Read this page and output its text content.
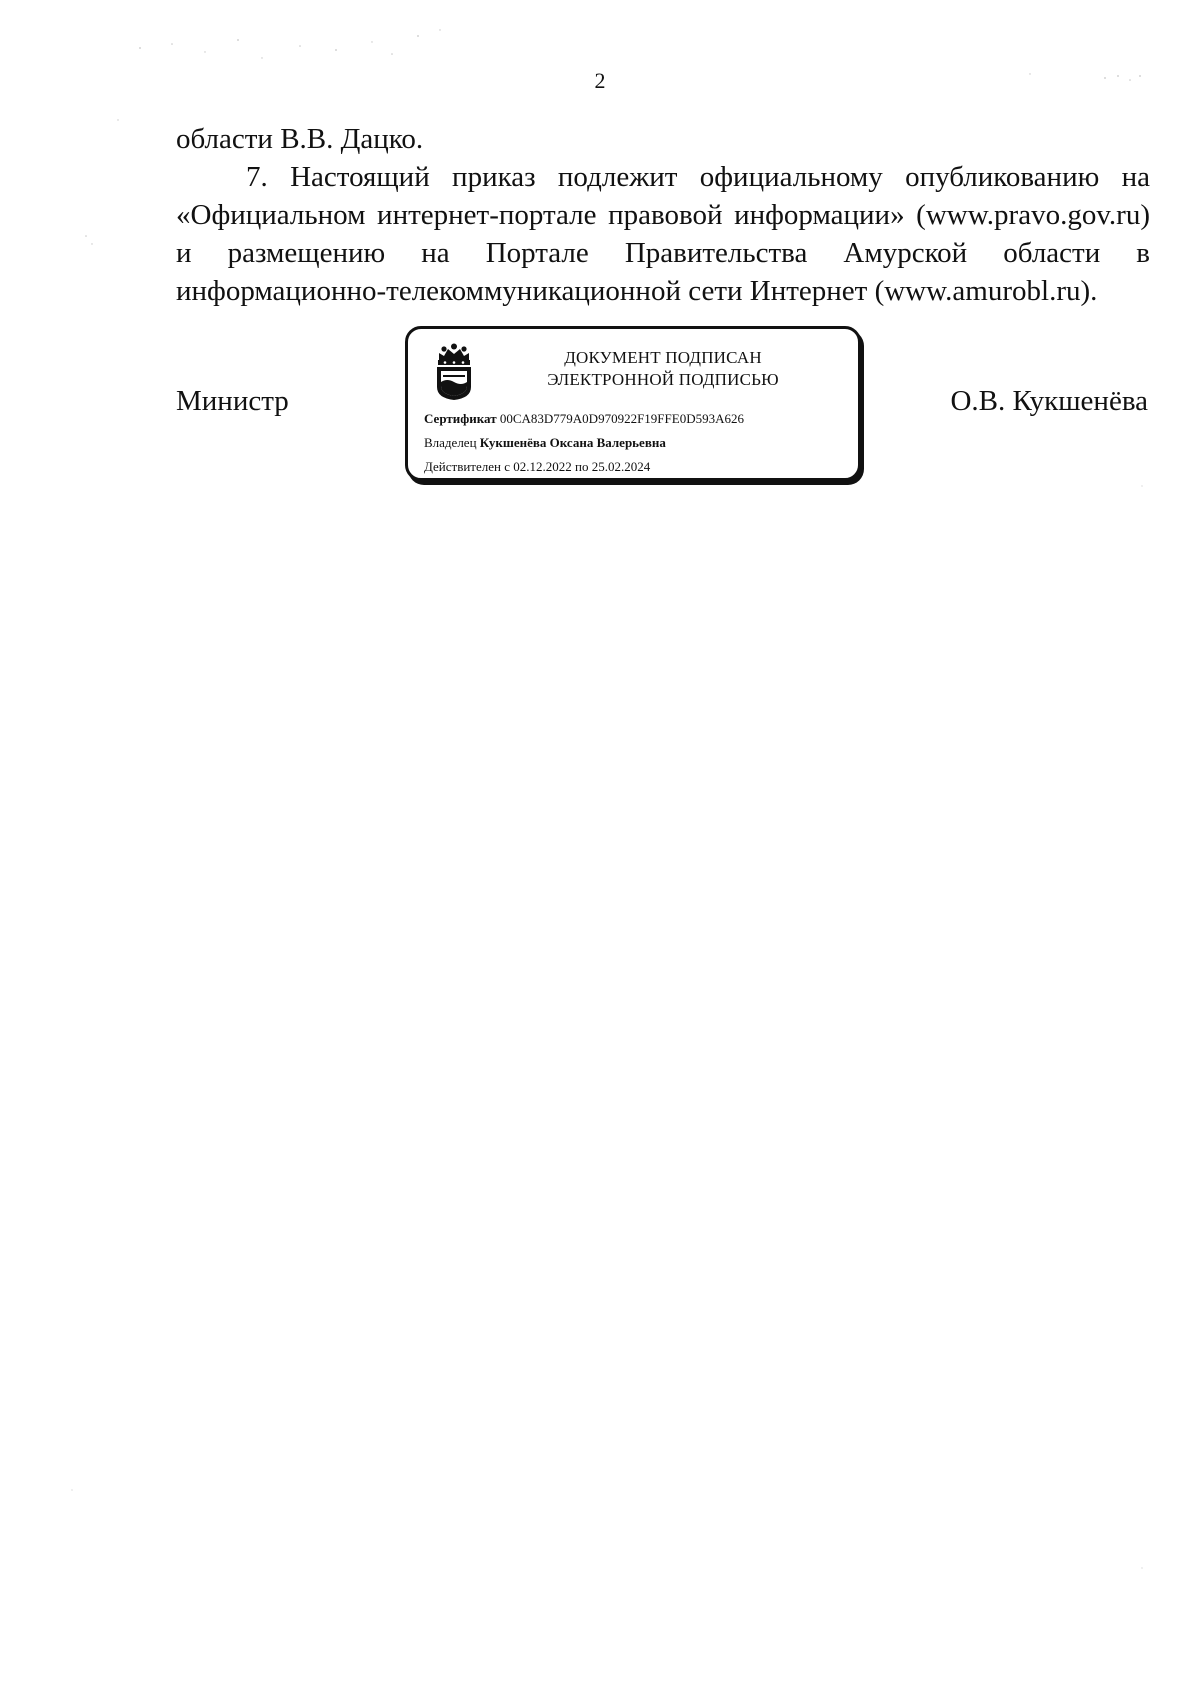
2

области В.В. Дацко.

7. Настоящий приказ подлежит официальному опубликованию на «Официальном интернет-портале правовой информации» (www.pravo.gov.ru) и размещению на Портале Правительства Амурской области в информационно-телекоммуникационной сети Интернет (www.amurobl.ru).

Министр	О.В. Кукшенёва
ДОКУМЕНТ ПОДПИСАН
ЭЛЕКТРОННОЙ ПОДПИСЬЮ
Сертификат 00CA83D779A0D970922F19FFE0D593A626
Владелец Кукшенёва Оксана Валерьевна
Действителен с 02.12.2022 по 25.02.2024
